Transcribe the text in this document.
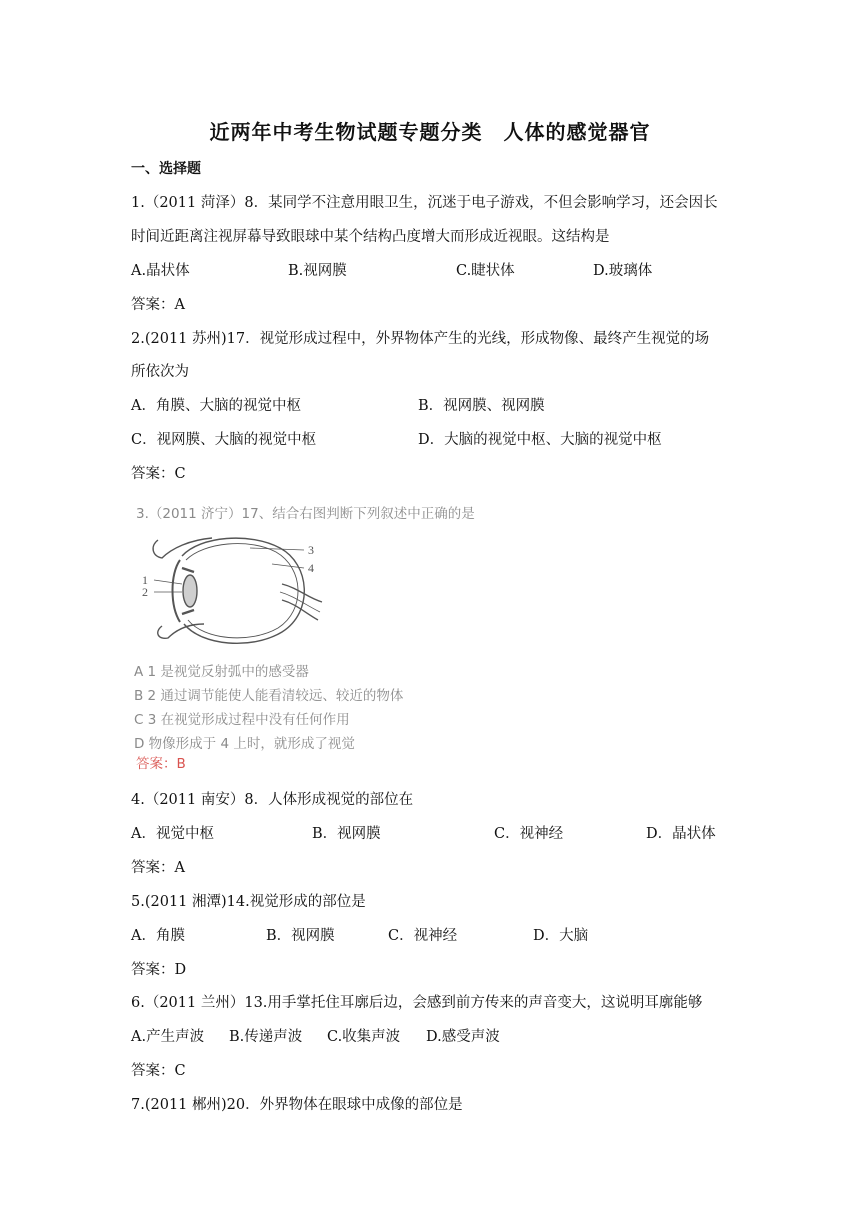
近两年中考生物试题专题分类　人体的感觉器官
一、选择题
1.（2011 菏泽）8．某同学不注意用眼卫生，沉迷于电子游戏，不但会影响学习，还会因长
时间近距离注视屏幕导致眼球中某个结构凸度增大而形成近视眼。这结构是
A.晶状体	B.视网膜	C.睫状体	D.玻璃体
答案：A
2.(2011 苏州)17．视觉形成过程中，外界物体产生的光线，形成物像、最终产生视觉的场
所依次为
A．角膜、大脑的视觉中枢	B．视网膜、视网膜
C．视网膜、大脑的视觉中枢	D．大脑的视觉中枢、大脑的视觉中枢
答案：C
3.（2011 济宁）17、结合右图判断下列叙述中正确的是
1
2
3
4
A 1 是视觉反射弧中的感受器
B 2 通过调节能使人能看清较远、较近的物体
C 3 在视觉形成过程中没有任何作用
D 物像形成于 4 上时，就形成了视觉
答案：B
4.（2011 南安）8．人体形成视觉的部位在
A．视觉中枢	B．视网膜	C．视神经	D．晶状体
答案：A
5.(2011 湘潭)14.视觉形成的部位是
A．角膜	B．视网膜	C．视神经	D．大脑
答案：D
6.（2011 兰州）13.用手掌托住耳廓后边，会感到前方传来的声音变大，这说明耳廓能够
A.产生声波 B.传递声波 C.收集声波 D.感受声波
答案：C
7.(2011 郴州)20．外界物体在眼球中成像的部位是
